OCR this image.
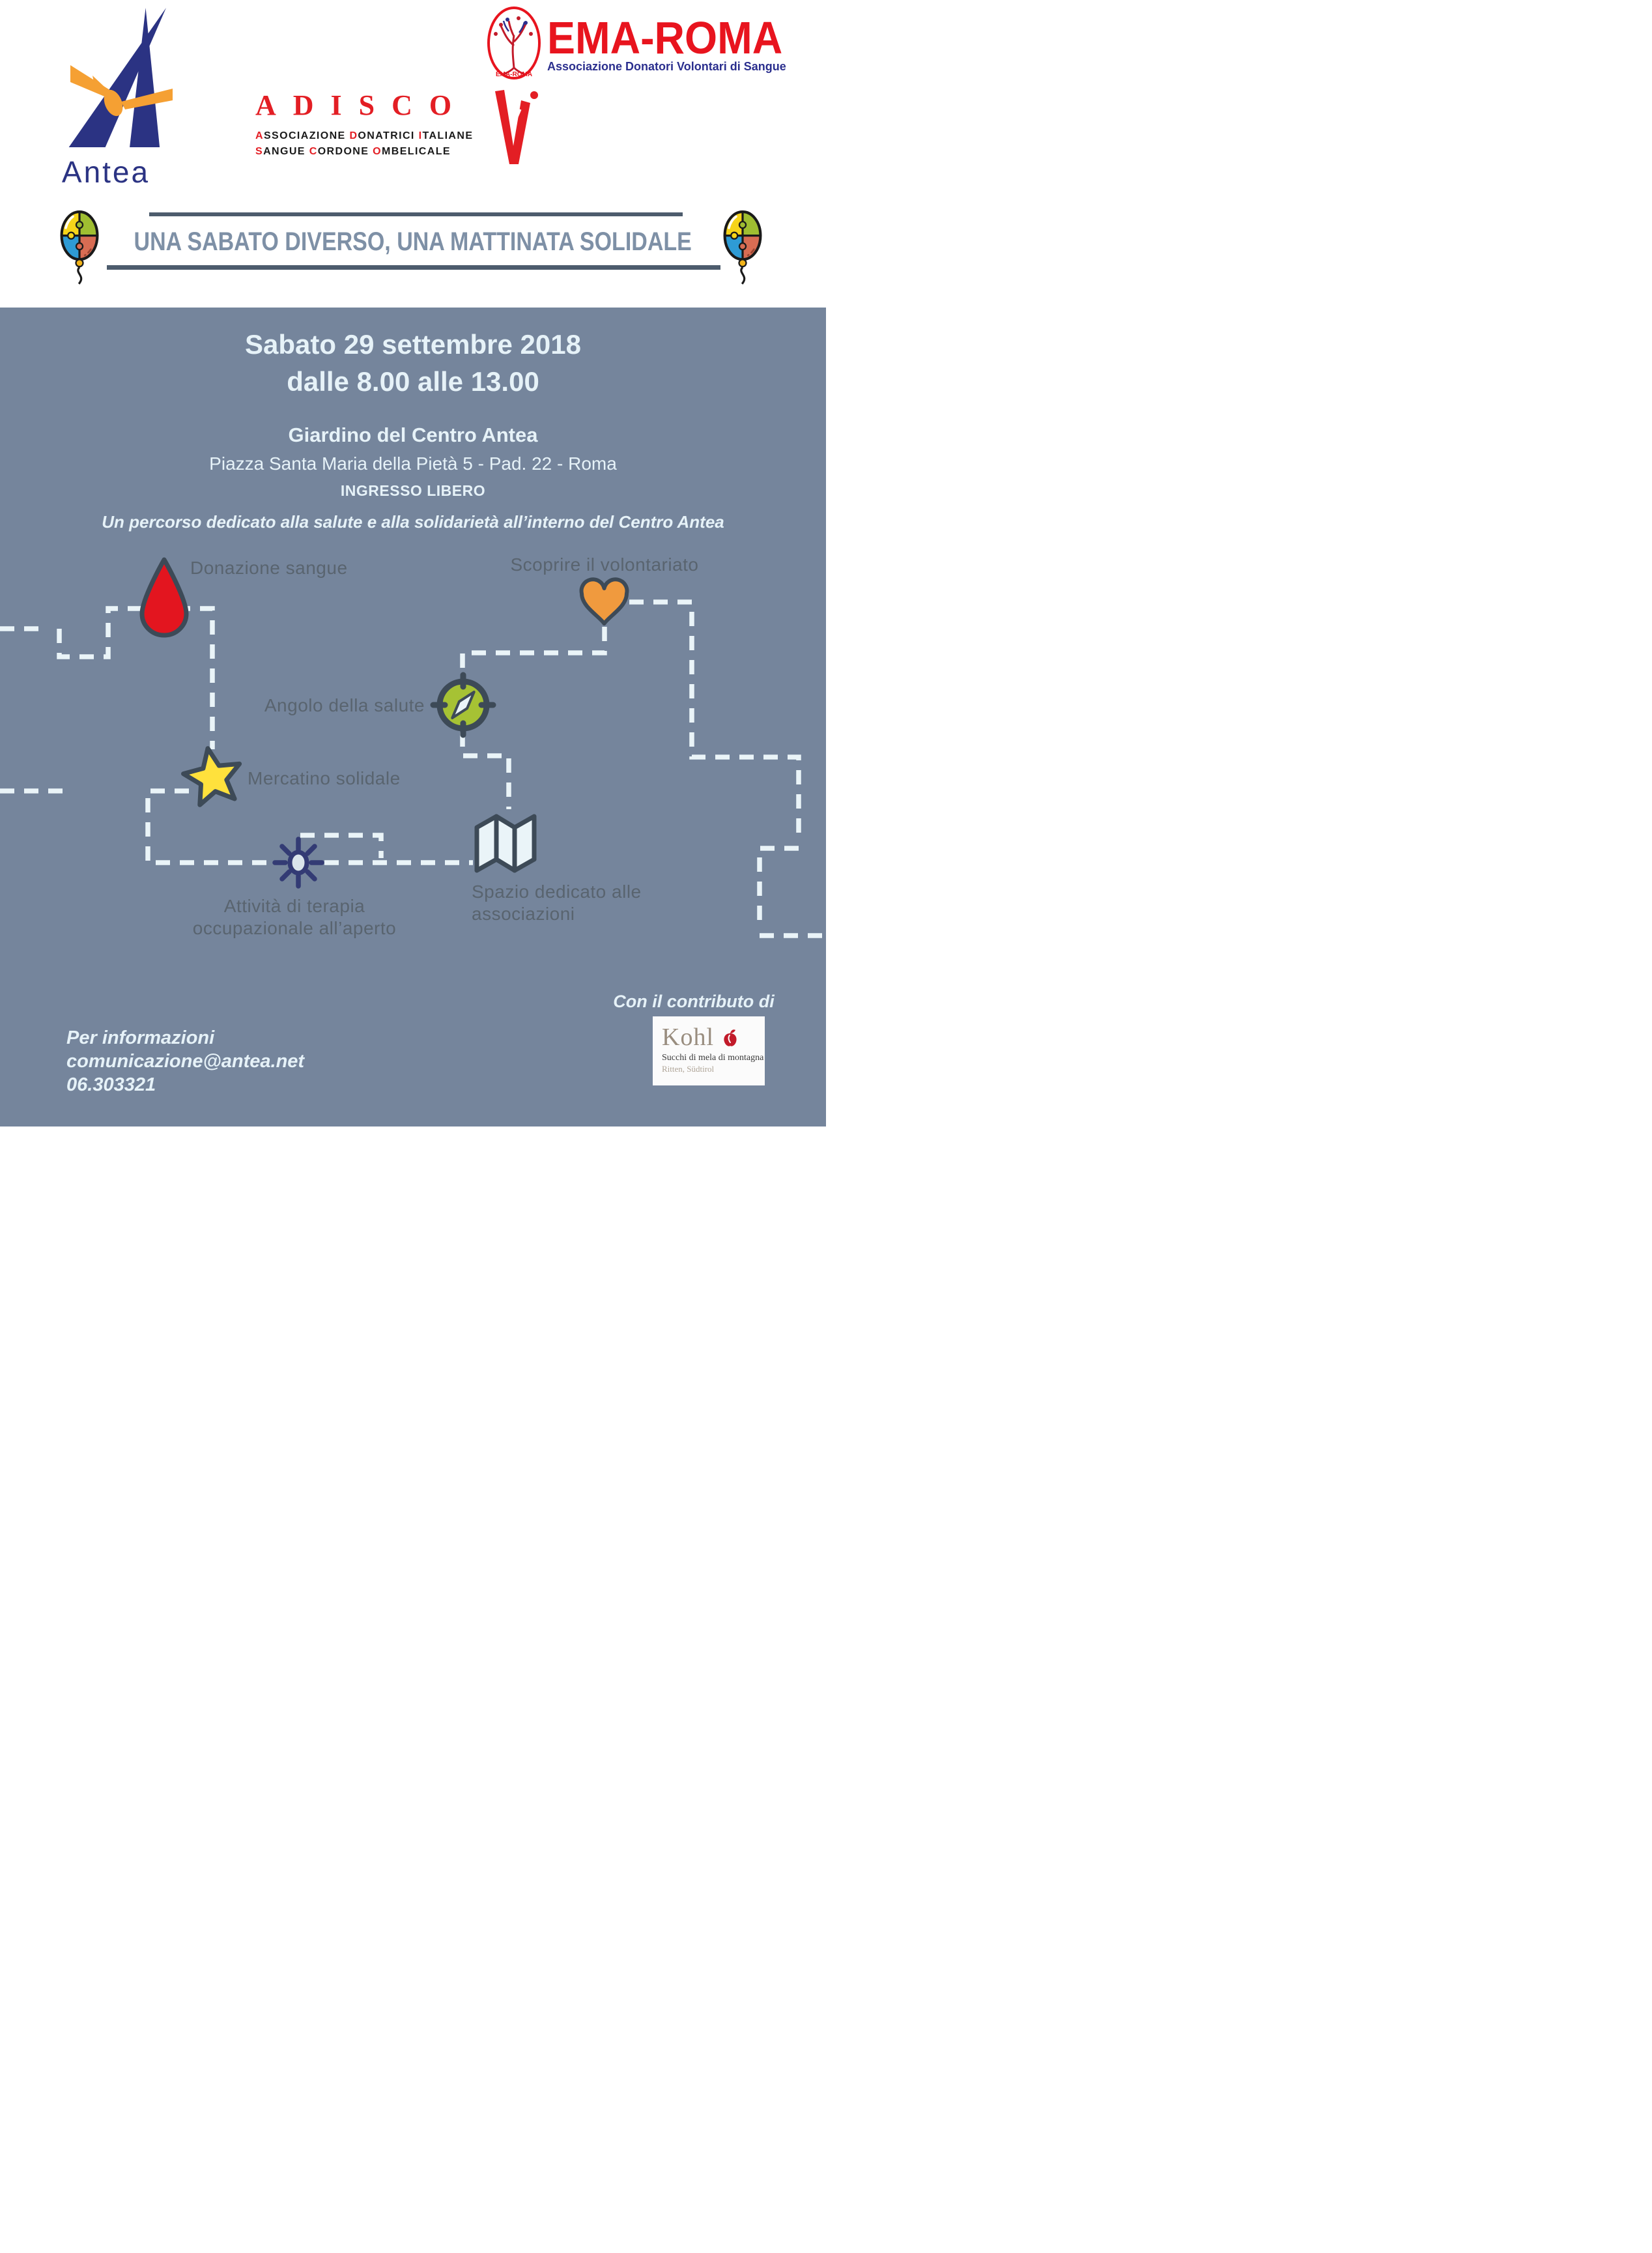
Antea
ADISCO
ASSOCIAZIONE DONATRICI ITALIANE
SANGUE CORDONE OMBELICALE
EMA-ROMA
EMA-ROMA
Associazione Donatori Volontari di Sangue
UNA SABATO DIVERSO, UNA MATTINATA SOLIDALE
Sabato 29 settembre 2018
dalle 8.00 alle 13.00
Giardino del Centro Antea
Piazza Santa Maria della Pietà 5 - Pad. 22 - Roma
INGRESSO LIBERO
Un percorso dedicato alla salute e alla solidarietà all’interno del Centro Antea
Donazione sangue	Scoprire il volontariato
Angolo della salute
Mercatino solidale
Spazio dedicato alle
associazioni
Attività di terapia
occupazionale all’aperto
Per informazioni
comunicazione@antea.net
06.303321
Con il contributo di
Kohl
Succhi di mela di montagna
Ritten, Südtirol
